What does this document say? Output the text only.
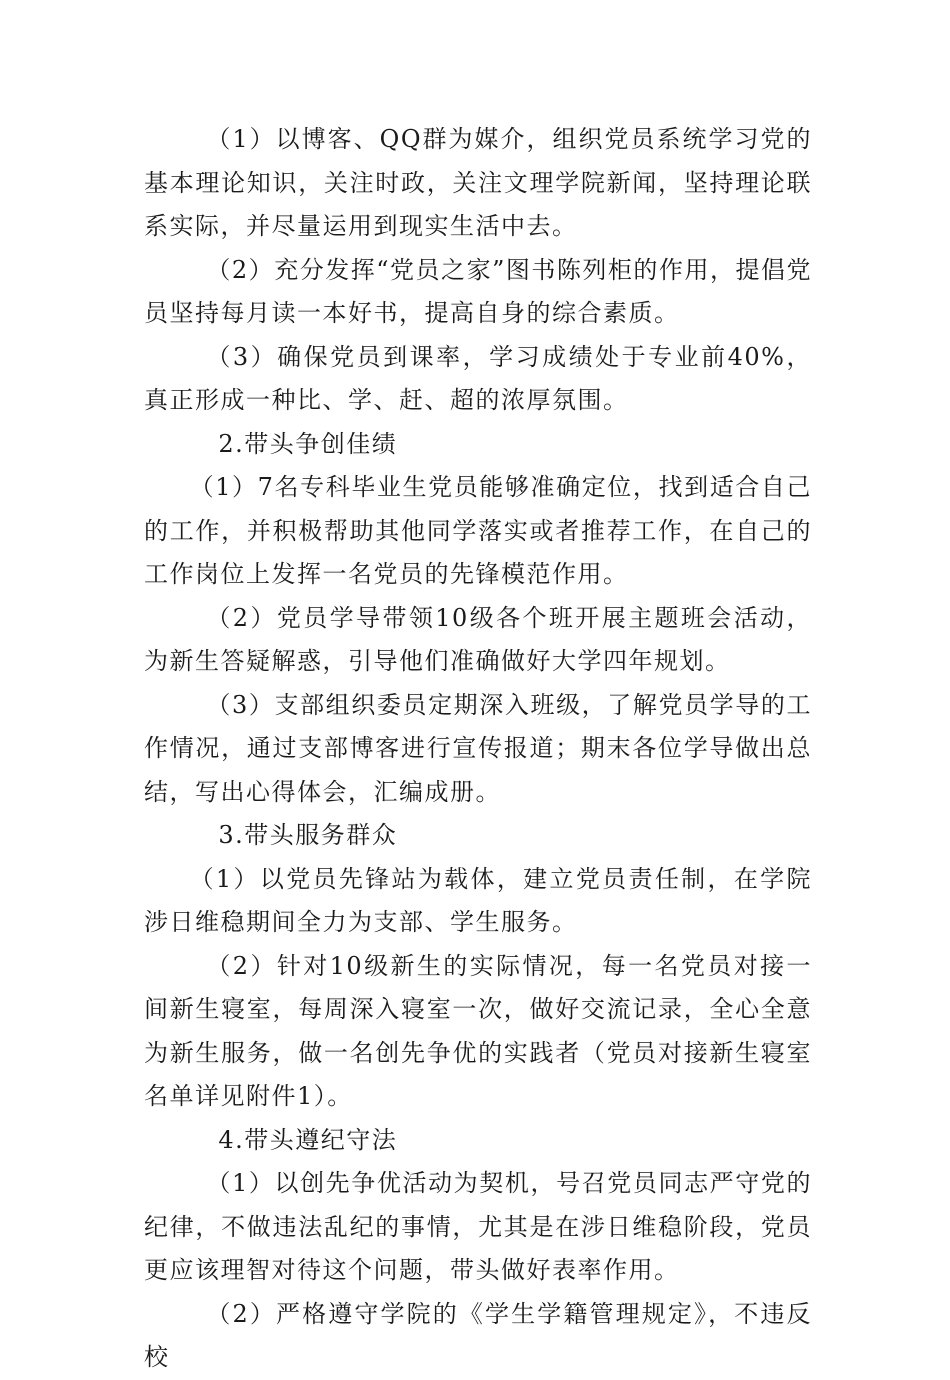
（1）以博客、QQ群为媒介，组织党员系统学习党的基本理论知识，关注时政，关注文理学院新闻，坚持理论联系实际，并尽量运用到现实生活中去。

（2）充分发挥“党员之家”图书陈列柜的作用，提倡党员坚持每月读一本好书，提高自身的综合素质。

（3）确保党员到课率，学习成绩处于专业前40%，真正形成一种比、学、赶、超的浓厚氛围。

2.带头争创佳绩

（1）7名专科毕业生党员能够准确定位，找到适合自己的工作，并积极帮助其他同学落实或者推荐工作，在自己的工作岗位上发挥一名党员的先锋模范作用。

（2）党员学导带领10级各个班开展主题班会活动，为新生答疑解惑，引导他们准确做好大学四年规划。

（3）支部组织委员定期深入班级，了解党员学导的工作情况，通过支部博客进行宣传报道；期末各位学导做出总结，写出心得体会，汇编成册。

3.带头服务群众

（1）以党员先锋站为载体，建立党员责任制，在学院涉日维稳期间全力为支部、学生服务。

（2）针对10级新生的实际情况，每一名党员对接一间新生寝室，每周深入寝室一次，做好交流记录，全心全意为新生服务，做一名创先争优的实践者（党员对接新生寝室名单详见附件1）。

4.带头遵纪守法

（1）以创先争优活动为契机，号召党员同志严守党的纪律，不做违法乱纪的事情，尤其是在涉日维稳阶段，党员更应该理智对待这个问题，带头做好表率作用。

（2）严格遵守学院的《学生学籍管理规定》，不违反校
